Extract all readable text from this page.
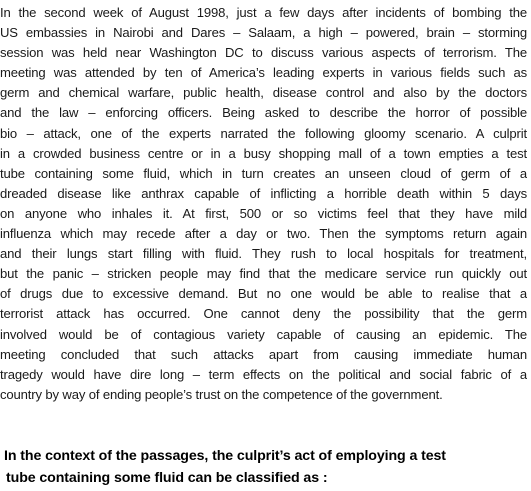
In the second week of August 1998, just a few days after incidents of bombing the
US embassies in Nairobi and Dares – Salaam, a high – powered, brain – storming
session was held near Washington DC to discuss various aspects of terrorism. The
meeting was attended by ten of America’s leading experts in various fields such as
germ and chemical warfare, public health, disease control and also by the doctors
and the law – enforcing officers. Being asked to describe the horror of possible
bio – attack, one of the experts narrated the following gloomy scenario. A culprit
in a crowded business centre or in a busy shopping mall of a town empties a test
tube containing some fluid, which in turn creates an unseen cloud of germ of a
dreaded disease like anthrax capable of inflicting a horrible death within 5 days
on anyone who inhales it. At first, 500 or so victims feel that they have mild
influenza which may recede after a day or two. Then the symptoms return again
and their lungs start filling with fluid. They rush to local hospitals for treatment,
but the panic – stricken people may find that the medicare service run quickly out
of drugs due to excessive demand. But no one would be able to realise that a
terrorist attack has occurred. One cannot deny the possibility that the germ
involved would be of contagious variety capable of causing an epidemic. The
meeting concluded that such attacks apart from causing immediate human
tragedy would have dire long – term effects on the political and social fabric of a
country by way of ending people’s trust on the competence of the government.
In the context of the passages, the culprit’s act of employing a test
tube containing some fluid can be classified as :
